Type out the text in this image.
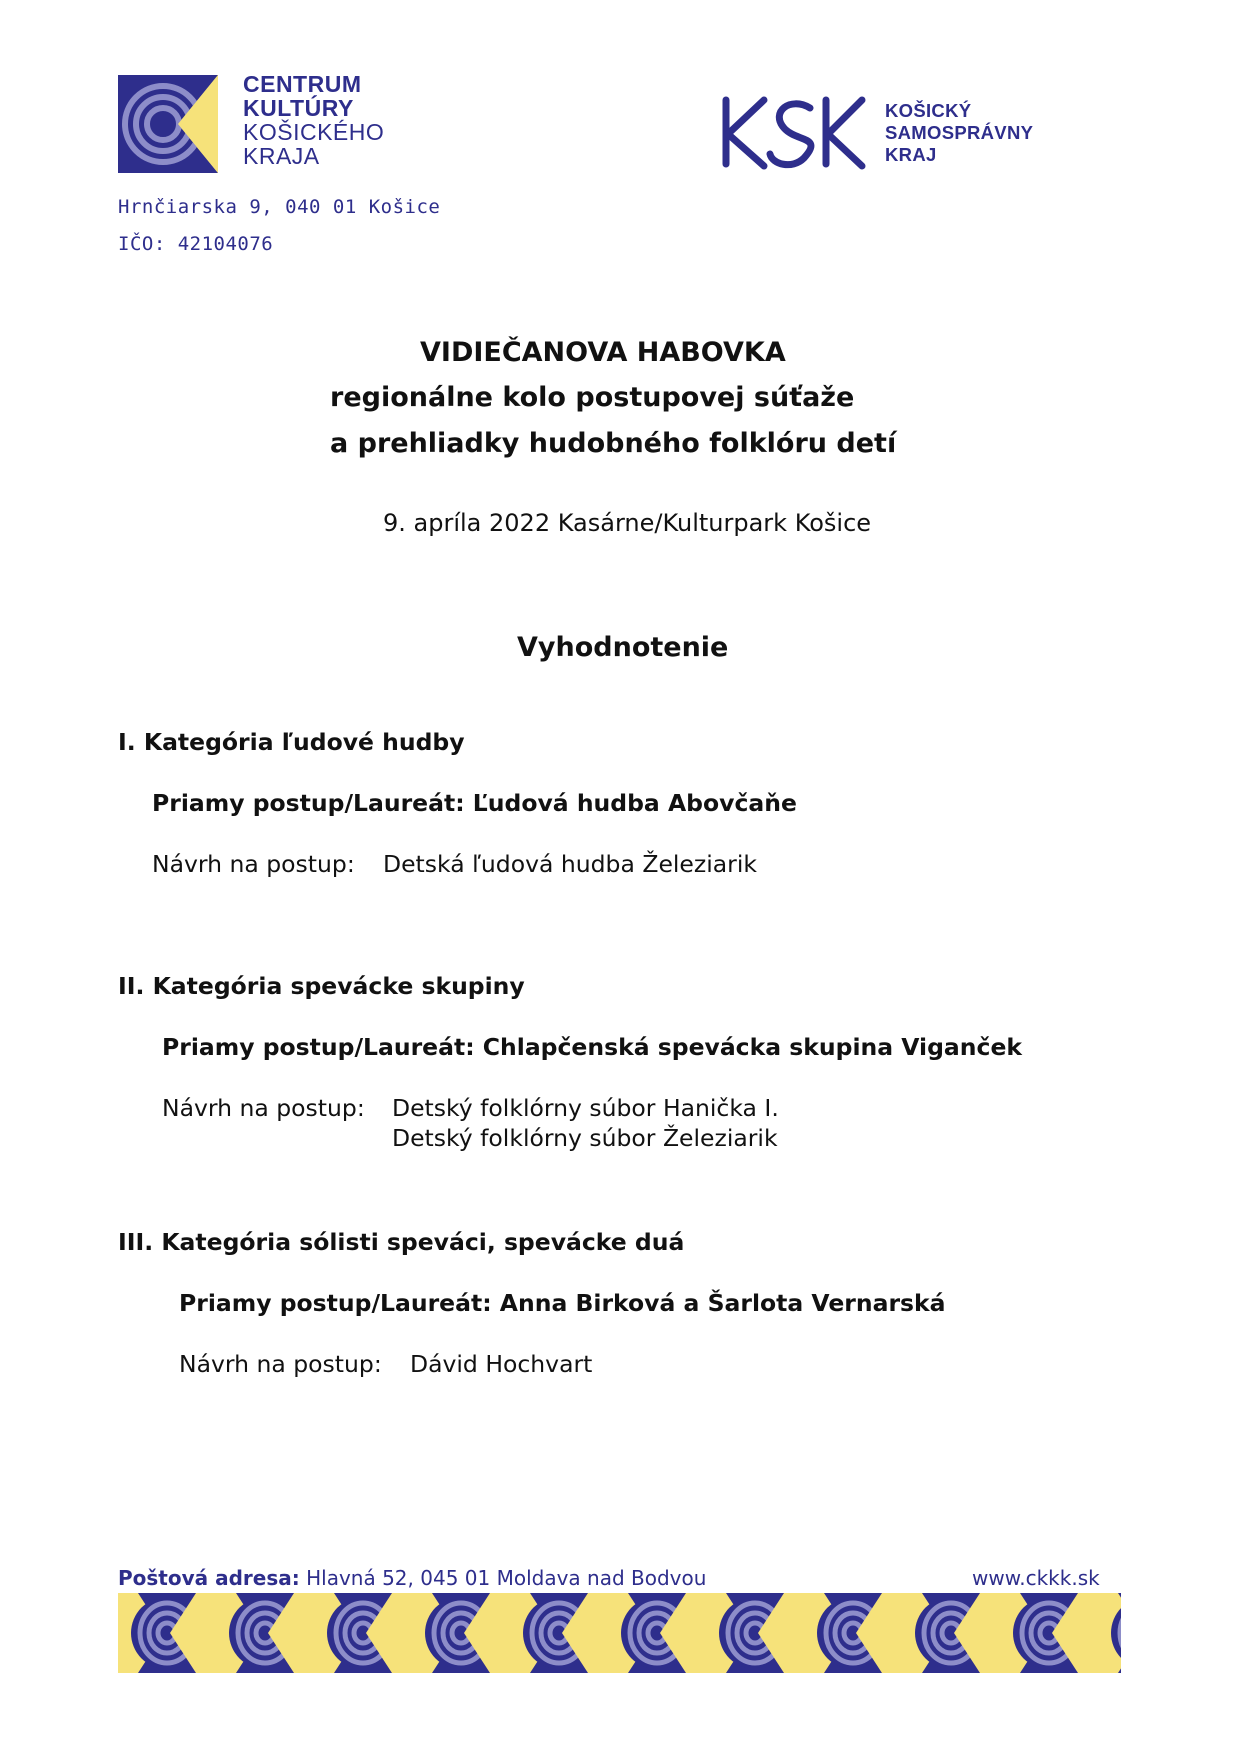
CENTRUM
KULTÚRY
KOŠICKÉHO
KRAJA
Hrnčiarska 9, 040 01 Košice
IČO: 42104076
KOŠICKÝ
SAMOSPRÁVNY
KRAJ
VIDIEČANOVA HABOVKA
regionálne kolo postupovej súťaže
a prehliadky hudobného folklóru detí
9. apríla 2022 Kasárne/Kulturpark Košice
Vyhodnotenie
I. Kategória ľudové hudby
Priamy postup/Laureát: Ľudová hudba Abovčaňe
Návrh na postup: Detská ľudová hudba Železiarik
II. Kategória spevácke skupiny
Priamy postup/Laureát: Chlapčenská spevácka skupina Viganček
Návrh na postup: Detský folklórny súbor Hanička I.
Detský folklórny súbor Železiarik
III. Kategória sólisti speváci, spevácke duá
Priamy postup/Laureát: Anna Birková a Šarlota Vernarská
Návrh na postup: Dávid Hochvart
Poštová adresa: Hlavná 52, 045 01 Moldava nad Bodvou	www.ckkk.sk
